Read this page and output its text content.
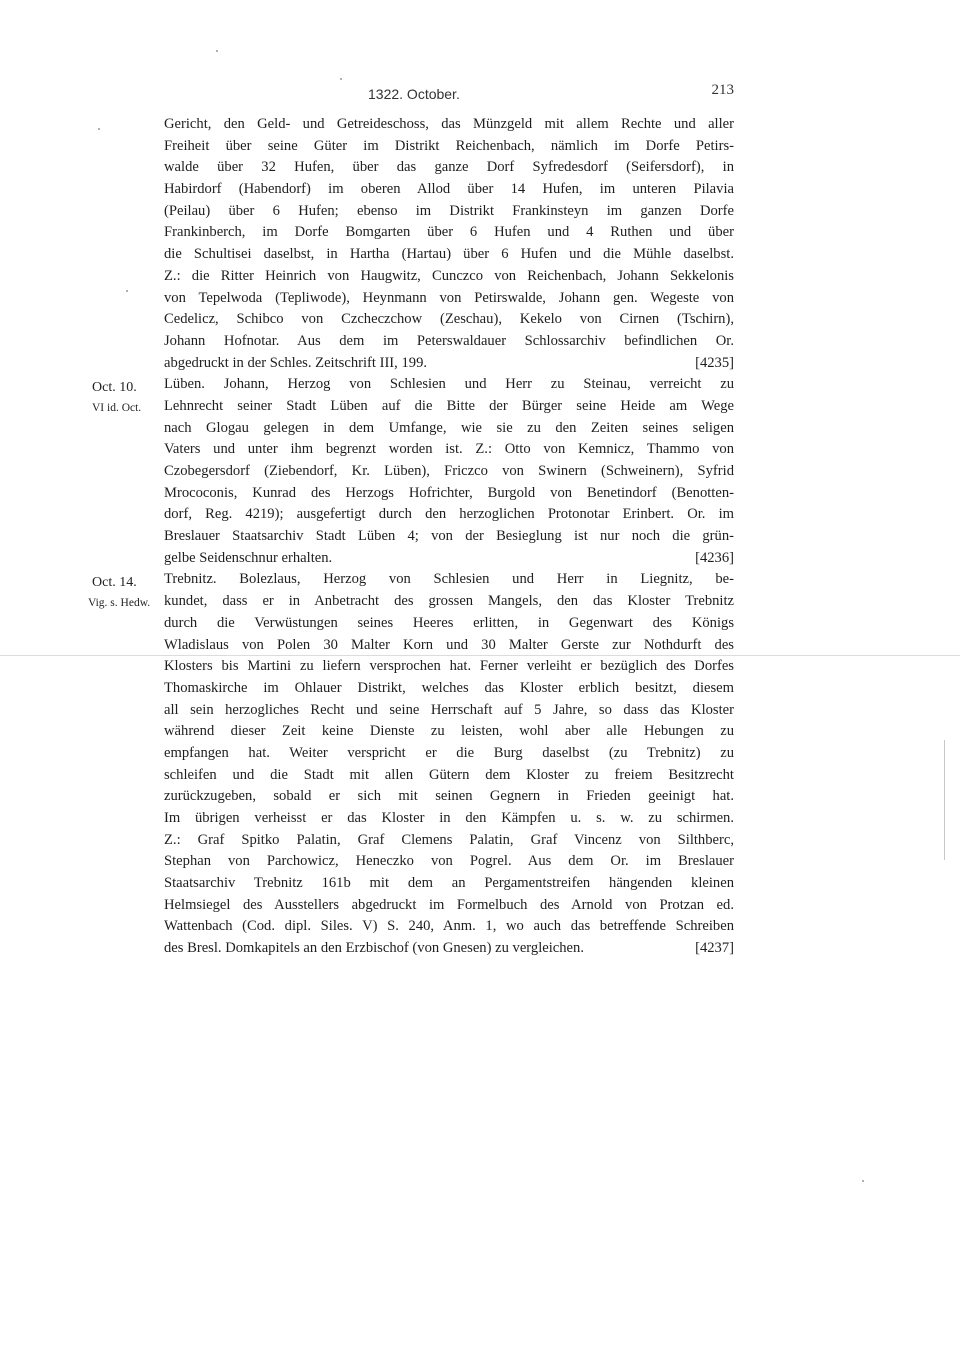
1322. October.	213
Oct. 10.
VI id. Oct.
Oct. 14.
Vig. s. Hedw.
Gericht, den Geld- und Getreideschoss, das Münzgeld mit allem Rechte und aller
Freiheit über seine Güter im Distrikt Reichenbach, nämlich im Dorfe Petirs-
walde über 32 Hufen, über das ganze Dorf Syfredesdorf (Seifersdorf), in
Habirdorf (Habendorf) im oberen Allod über 14 Hufen, im unteren Pilavia
(Peilau) über 6 Hufen; ebenso im Distrikt Frankinsteyn im ganzen Dorfe
Frankinberch, im Dorfe Bomgarten über 6 Hufen und 4 Ruthen und über
die Schultisei daselbst, in Hartha (Hartau) über 6 Hufen und die Mühle daselbst.
Z.: die Ritter Heinrich von Haugwitz, Cunczco von Reichenbach, Johann Sekkelonis
von Tepelwoda (Tepliwode), Heynmann von Petirswalde, Johann gen. Wegeste von
Cedelicz, Schibco von Czcheczchow (Zeschau), Kekelo von Cirnen (Tschirn),
Johann Hofnotar. Aus dem im Peterswaldauer Schlossarchiv befindlichen Or.
abgedruckt in der Schles. Zeitschrift III, 199.	[4235]
Lüben. Johann, Herzog von Schlesien und Herr zu Steinau, verreicht zu
Lehnrecht seiner Stadt Lüben auf die Bitte der Bürger seine Heide am Wege
nach Glogau gelegen in dem Umfange, wie sie zu den Zeiten seines seligen
Vaters und unter ihm begrenzt worden ist. Z.: Otto von Kemnicz, Thammo von
Czobegersdorf (Ziebendorf, Kr. Lüben), Friczco von Swinern (Schweinern), Syfrid
Mrococonis, Kunrad des Herzogs Hofrichter, Burgold von Benetindorf (Benotten-
dorf, Reg. 4219); ausgefertigt durch den herzoglichen Protonotar Erinbert. Or. im
Breslauer Staatsarchiv Stadt Lüben 4; von der Besieglung ist nur noch die grün-
gelbe Seidenschnur erhalten.	[4236]
Trebnitz. Bolezlaus, Herzog von Schlesien und Herr in Liegnitz, be-
kundet, dass er in Anbetracht des grossen Mangels, den das Kloster Trebnitz
durch die Verwüstungen seines Heeres erlitten, in Gegenwart des Königs
Wladislaus von Polen 30 Malter Korn und 30 Malter Gerste zur Nothdurft des
Klosters bis Martini zu liefern versprochen hat. Ferner verleiht er bezüglich des Dorfes
Thomaskirche im Ohlauer Distrikt, welches das Kloster erblich besitzt, diesem
all sein herzogliches Recht und seine Herrschaft auf 5 Jahre, so dass das Kloster
während dieser Zeit keine Dienste zu leisten, wohl aber alle Hebungen zu
empfangen hat. Weiter verspricht er die Burg daselbst (zu Trebnitz) zu
schleifen und die Stadt mit allen Gütern dem Kloster zu freiem Besitzrecht
zurückzugeben, sobald er sich mit seinen Gegnern in Frieden geeinigt hat.
Im übrigen verheisst er das Kloster in den Kämpfen u. s. w. zu schirmen.
Z.: Graf Spitko Palatin, Graf Clemens Palatin, Graf Vincenz von Silthberc,
Stephan von Parchowicz, Heneczko von Pogrel. Aus dem Or. im Breslauer
Staatsarchiv Trebnitz 161b mit dem an Pergamentstreifen hängenden kleinen
Helmsiegel des Ausstellers abgedruckt im Formelbuch des Arnold von Protzan ed.
Wattenbach (Cod. dipl. Siles. V) S. 240, Anm. 1, wo auch das betreffende Schreiben
des Bresl. Domkapitels an den Erzbischof (von Gnesen) zu vergleichen.	[4237]
